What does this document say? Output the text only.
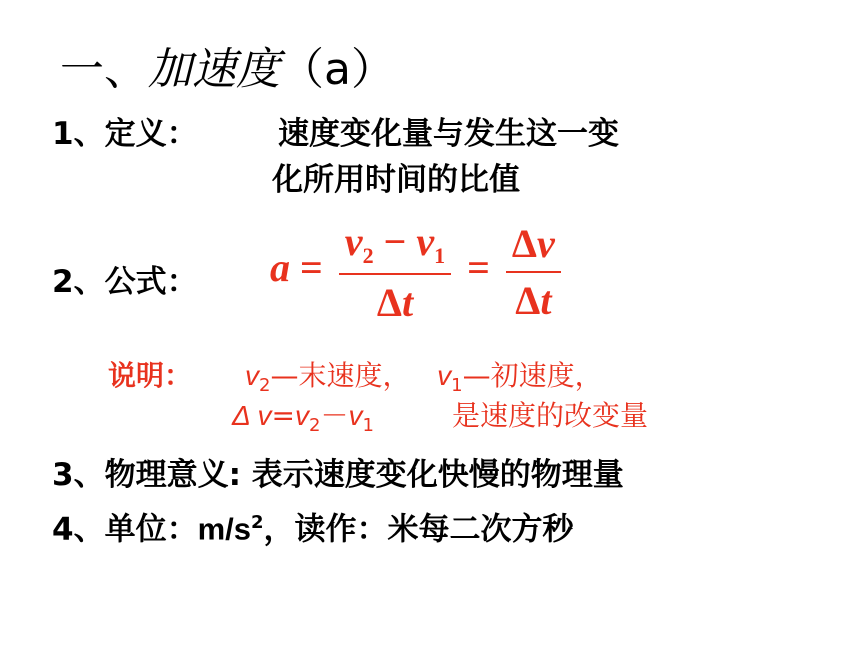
一、加速度（a）
1、定义：	速度变化量与发生这一变
化所用时间的比值
2、公式： $a = \frac{v_2 - v_1}{\Delta t} = \frac{\Delta v}{\Delta t}$
说明： $v_2—$末速度， $v_1—$初速度，
Δ $v=v_2-v_1$	是速度的改变量
3、物理意义: 表示速度变化快慢的物理量
4、单位：$m/s^2$，读作：米每二次方秒
